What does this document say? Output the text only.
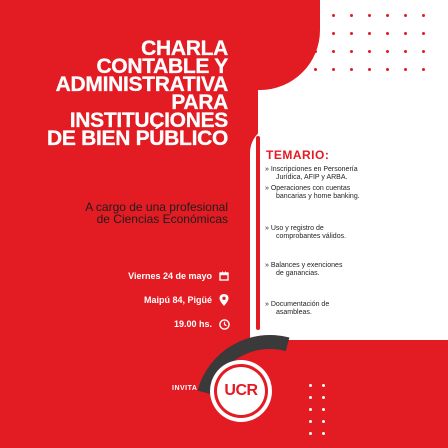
CHARLA
CONTABLE Y
ADMINISTRATIVA
PARA
INSTITUCIONES
DE BIEN PÚBLICO
A cargo de una profesional
de Ciencias Económicas
Viernes 24 de mayo
Maipú 84, Pigüé
19.00 hs.
TEMARIO:
» Inscripciones en Personería
Jurídica, AFIP y ARBA.
» Operaciones con cuentas
bancarias y home banking.
» Uso y registro de
comprobantes válidos.
» Balances y exenciones
de ganancias.
» Documentación de
asambleas.
INVITA UCR
